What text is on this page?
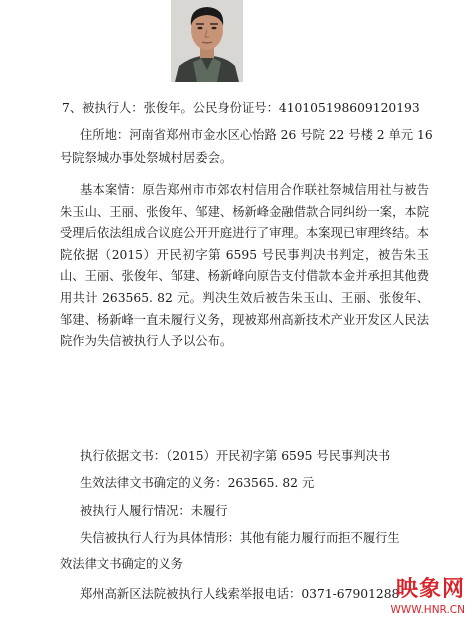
7、被执行人：张俊年。公民身份证号：410105198609120193
住所地：河南省郑州市金水区心怡路 26 号院 22 号楼 2 单元 16
号院祭城办事处祭城村居委会。
基本案情：原告郑州市市郊农村信用合作联社祭城信用社与被告朱玉山、王丽、张俊年、邹建、杨新峰金融借款合同纠纷一案，本院受理后依法组成合议庭公开开庭进行了审理。本案现已审理终结。本院依据（2015）开民初字第 6595 号民事判决书判定，被告朱玉山、王丽、张俊年、邹建、杨新峰向原告支付借款本金并承担其他费用共计 263565. 82 元。判决生效后被告朱玉山、王丽、张俊年、邹建、杨新峰一直未履行义务，现被郑州高新技术产业开发区人民法院作为失信被执行人予以公布。
执行依据文书：（2015）开民初字第 6595 号民事判决书
生效法律文书确定的义务：263565. 82 元
被执行人履行情况：未履行
失信被执行人行为具体情形：其他有能力履行而拒不履行生
效法律文书确定的义务
郑州高新区法院被执行人线索举报电话：0371-67901288
映象网
WWW.HNR.CN
